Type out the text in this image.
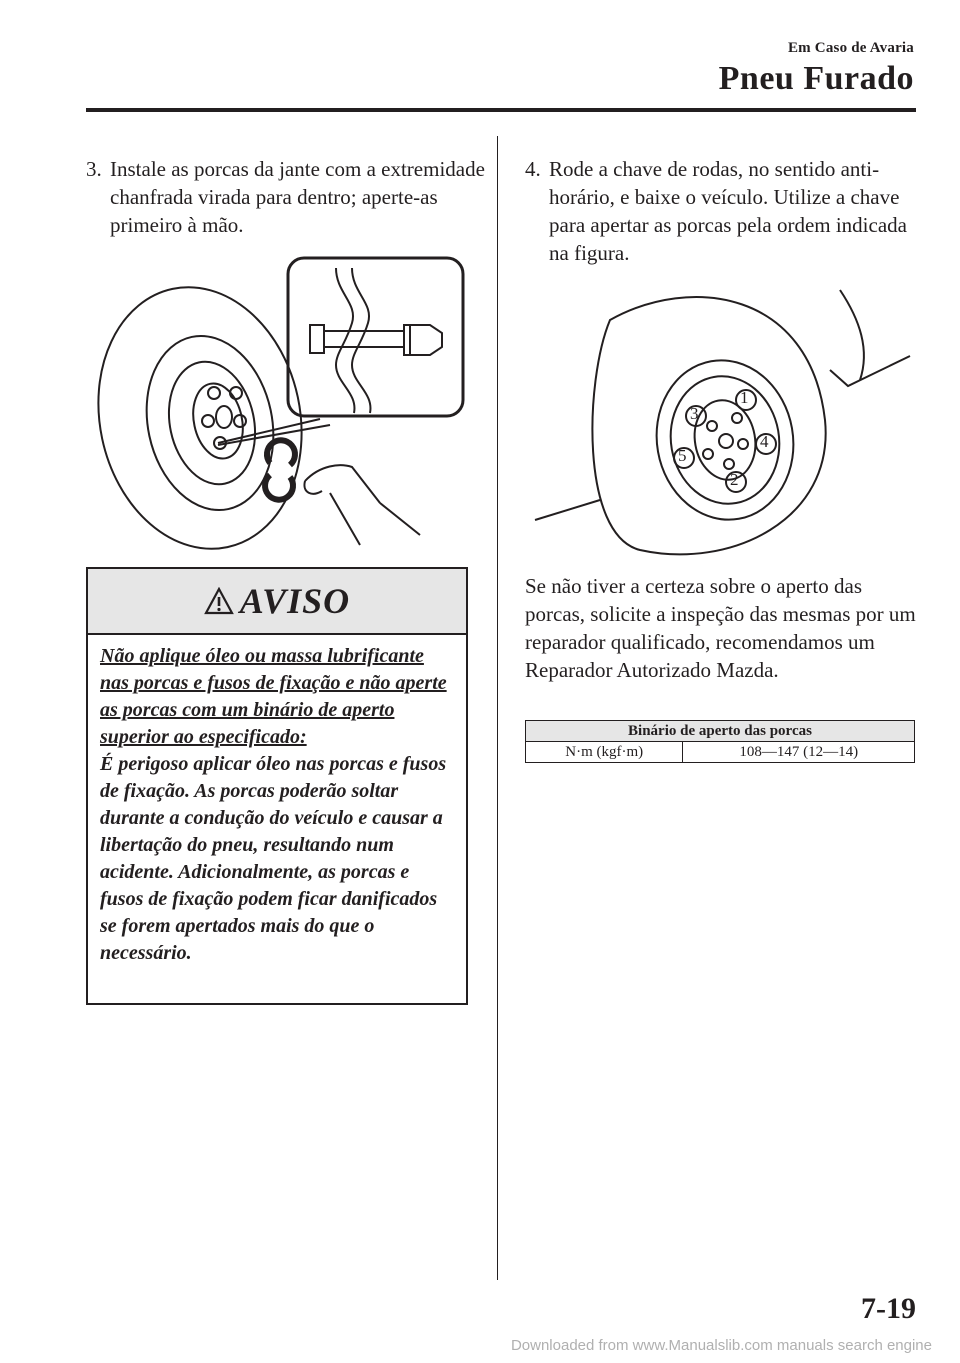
Em Caso de Avaria
Pneu Furado
3. Instale as porcas da jante com a extremidade chanfrada virada para dentro; aperte-as primeiro à mão.
AVISO
Não aplique óleo ou massa lubrificante nas porcas e fusos de fixação e não aperte as porcas com um binário de aperto superior ao especificado:
É perigoso aplicar óleo nas porcas e fusos de fixação. As porcas poderão soltar durante a condução do veículo e causar a libertação do pneu, resultando num acidente. Adicionalmente, as porcas e fusos de fixação podem ficar danificados se forem apertados mais do que o necessário.
4. Rode a chave de rodas, no sentido anti-horário, e baixe o veículo. Utilize a chave para apertar as porcas pela ordem indicada na figura.
1
2
3
4
5
Se não tiver a certeza sobre o aperto das porcas, solicite a inspeção das mesmas por um reparador qualificado, recomendamos um Reparador Autorizado Mazda.
Binário de aperto das porcas
N·m (kgf·m)	108—147 (12—14)
7-19
Downloaded from www.Manualslib.com manuals search engine
